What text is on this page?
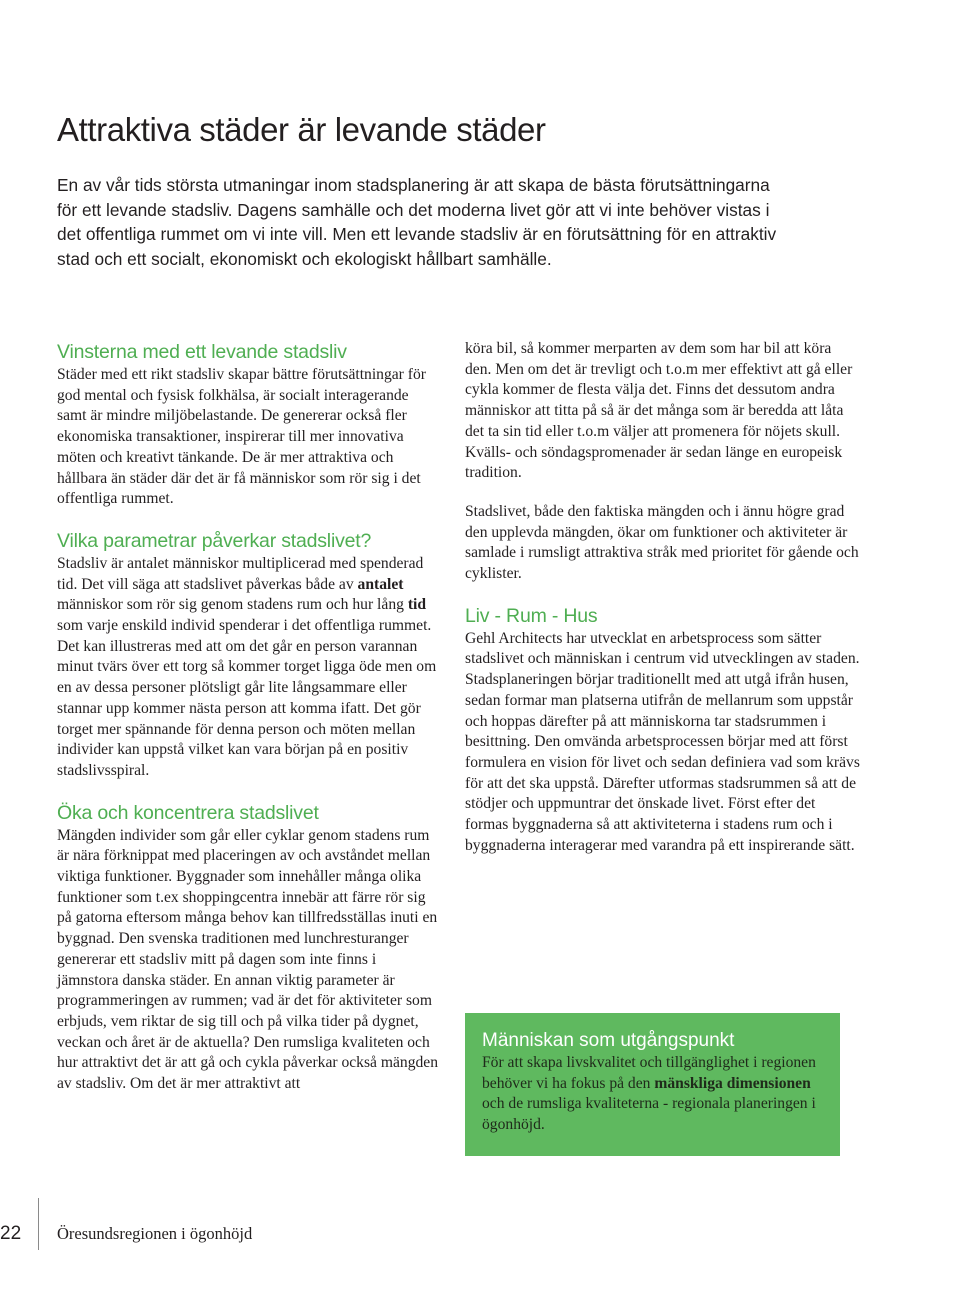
Attraktiva städer är levande städer

En av vår tids största utmaningar inom stadsplanering är att skapa de bästa förutsättningarna för ett levande stadsliv. Dagens samhälle och det moderna livet gör att vi inte behöver vistas i det offentliga rummet om vi inte vill. Men ett levande stadsliv är en förutsättning för en attraktiv stad och ett socialt, ekonomiskt och ekologiskt hållbart samhälle.

Vinsterna med ett levande stadsliv

Städer med ett rikt stadsliv skapar bättre förutsättningar för god mental och fysisk folkhälsa, är socialt interagerande samt är mindre miljöbelastande. De genererar också fler ekonomiska transaktioner, inspirerar till mer innovativa möten och kreativt tänkande. De är mer attraktiva och hållbara än städer där det är få människor som rör sig i det offentliga rummet.

Vilka parametrar påverkar stadslivet?

Stadsliv är antalet människor multiplicerad med spenderad tid. Det vill säga att stadslivet påverkas både av antalet människor som rör sig genom stadens rum och hur lång tid som varje enskild individ spenderar i det offentliga rummet. Det kan illustreras med att om det går en person varannan minut tvärs över ett torg så kommer torget ligga öde men om en av dessa personer plötsligt går lite långsammare eller stannar upp kommer nästa person att komma ifatt. Det gör torget mer spännande för denna person och möten mellan individer kan uppstå vilket kan vara början på en positiv stadslivsspiral.

Öka och koncentrera stadslivet

Mängden individer som går eller cyklar genom stadens rum är nära förknippat med placeringen av och avståndet mellan viktiga funktioner. Byggnader som innehåller många olika funktioner som t.ex shoppingcentra innebär att färre rör sig på gatorna eftersom många behov kan tillfredsställas inuti en byggnad. Den svenska traditionen med lunchresturanger genererar ett stadsliv mitt på dagen som inte finns i jämnstora danska städer. En annan viktig parameter är programmeringen av rummen; vad är det för aktiviteter som erbjuds, vem riktar de sig till och på vilka tider på dygnet, veckan och året är de aktuella? Den rumsliga kvaliteten och hur attraktivt det är att gå och cykla påverkar också mängden av stadsliv. Om det är mer attraktivt att

köra bil, så kommer merparten av dem som har bil att köra den. Men om det är trevligt och t.o.m mer effektivt att gå eller cykla kommer de flesta välja det. Finns det dessutom andra människor att titta på så är det många som är beredda att låta det ta sin tid eller t.o.m väljer att promenera för nöjets skull. Kvälls- och söndagspromenader är sedan länge en europeisk tradition.

Stadslivet, både den faktiska mängden och i ännu högre grad den upplevda mängden, ökar om funktioner och aktiviteter är samlade i rumsligt attraktiva stråk med prioritet för gående och cyklister.

Liv - Rum - Hus

Gehl Architects har utvecklat en arbetsprocess som sätter stadslivet och människan i centrum vid utvecklingen av staden. Stadsplaneringen börjar traditionellt med att utgå ifrån husen, sedan formar man platserna utifrån de mellanrum som uppstår och hoppas därefter på att människorna tar stadsrummen i besittning. Den omvända arbetsprocessen börjar med att först formulera en vision för livet och sedan definiera vad som krävs för att det ska uppstå. Därefter utformas stadsrummen så att de stödjer och uppmuntrar det önskade livet. Först efter det formas byggnaderna så att aktiviteterna i stadens rum och i byggnaderna interagerar med varandra på ett inspirerande sätt.

Människan som utgångspunkt

För att skapa livskvalitet och tillgänglighet i regionen behöver vi ha fokus på den mänskliga dimensionen och de rumsliga kvaliteterna - regionala planeringen i ögonhöjd.

22	Öresundsregionen i ögonhöjd
